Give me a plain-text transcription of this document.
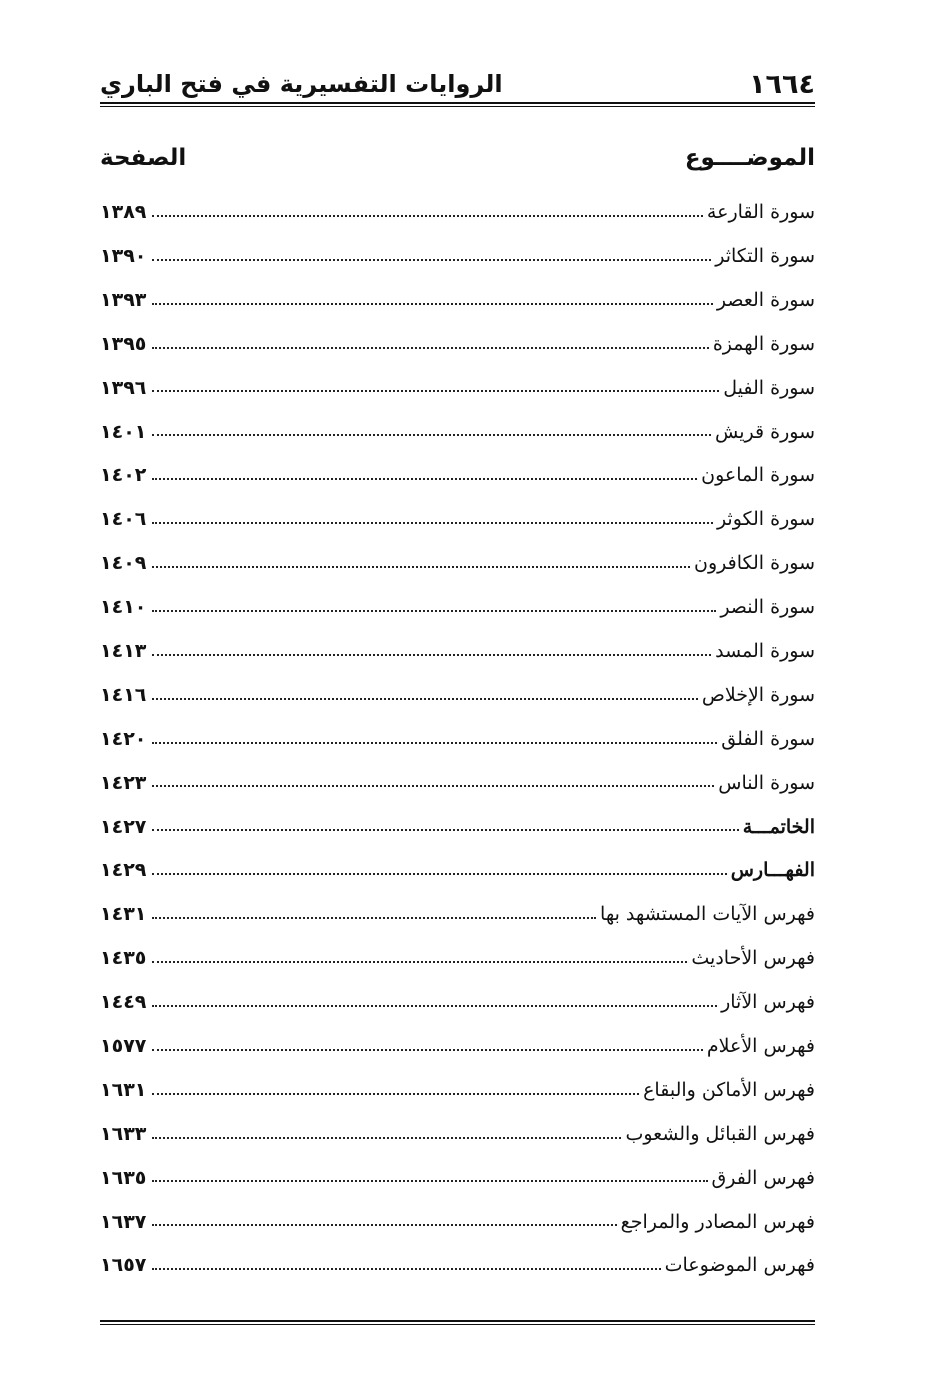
١٦٦٤
الروايات التفسيرية في فتح الباري
الموضــــوع
الصفحة
سورة القارعة
١٣٨٩
سورة التكاثر
١٣٩٠
سورة العصر
١٣٩٣
سورة الهمزة
١٣٩٥
سورة الفيل
١٣٩٦
سورة قريش
١٤٠١
سورة الماعون
١٤٠٢
سورة الكوثر
١٤٠٦
سورة الكافرون
١٤٠٩
سورة النصر
١٤١٠
سورة المسد
١٤١٣
سورة الإخلاص
١٤١٦
سورة الفلق
١٤٢٠
سورة الناس
١٤٢٣
الخاتمـــة
١٤٢٧
الفهـــارس
١٤٢٩
فهرس الآيات المستشهد بها
١٤٣١
فهرس الأحاديث
١٤٣٥
فهرس الآثار
١٤٤٩
فهرس الأعلام
١٥٧٧
فهرس الأماكن والبقاع
١٦٣١
فهرس القبائل والشعوب
١٦٣٣
فهرس الفرق
١٦٣٥
فهرس المصادر والمراجع
١٦٣٧
فهرس الموضوعات
١٦٥٧
